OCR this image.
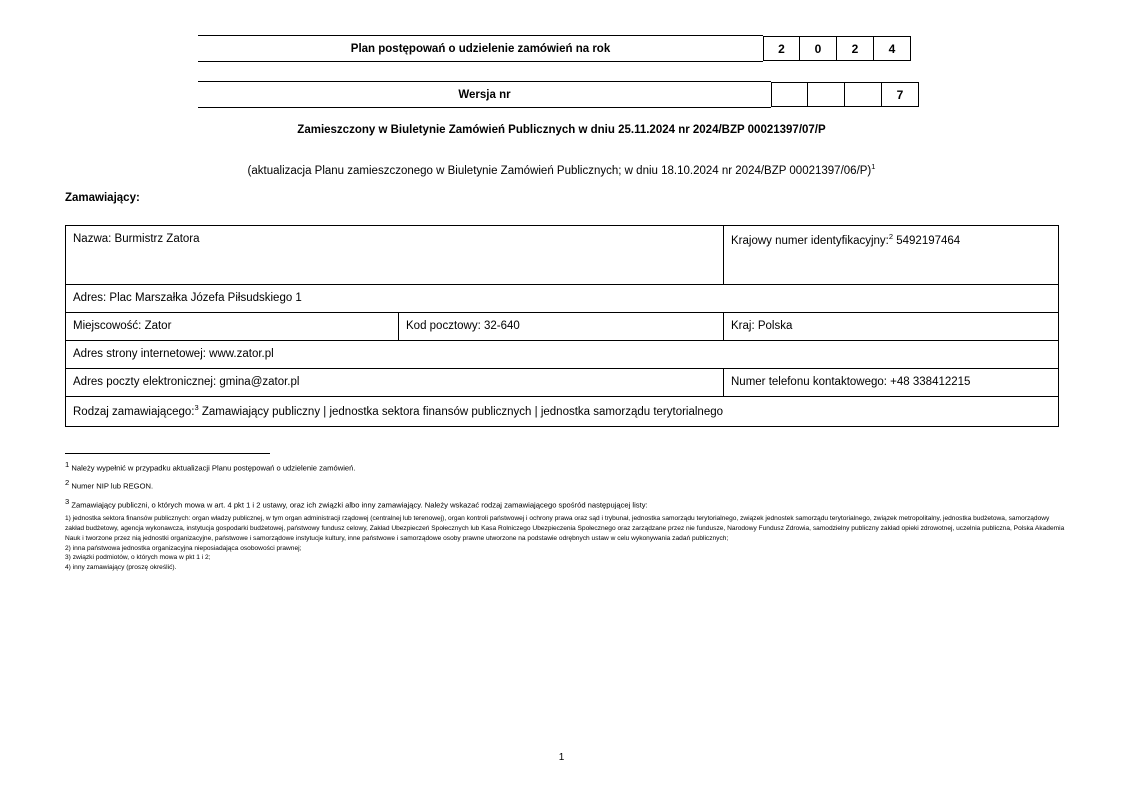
Plan postępowań o udzielenie zamówień na rok	2	0	2	4
Wersja nr	7
Zamieszczony w Biuletynie Zamówień Publicznych w dniu 25.11.2024 nr 2024/BZP 00021397/07/P
(aktualizacja Planu zamieszczonego w Biuletynie Zamówień Publicznych; w dniu 18.10.2024 nr 2024/BZP 00021397/06/P)$^1$
Zamawiający:
Nazwa: Burmistrz Zatora		Krajowy numer identyfikacyjny:$^2$ 5492197464
Adres: Plac Marszałka Józefa Piłsudskiego 1		
Miejscowość: Zator	Kod pocztowy: 32-640	Kraj: Polska
Adres strony internetowej: www.zator.pl		
Adres poczty elektronicznej: gmina@zator.pl		Numer telefonu kontaktowego: +48 338412215
Rodzaj zamawiającego:$^3$ Zamawiający publiczny | jednostka sektora finansów publicznych | jednostka samorządu terytorialnego		
1 Należy wypełnić w przypadku aktualizacji Planu postępowań o udzielenie zamówień.
2 Numer NIP lub REGON.
3 Zamawiający publiczni, o których mowa w art. 4 pkt 1 i 2 ustawy, oraz ich związki albo inny zamawiający. Należy wskazać rodzaj zamawiającego spośród następującej listy:
1) jednostka sektora finansów publicznych: organ władzy publicznej, w tym organ administracji rządowej (centralnej lub terenowej), organ kontroli państwowej i ochrony prawa oraz sąd i trybunał, jednostka samorządu terytorialnego, związek jednostek samorządu terytorialnego, związek metropolitalny, jednostka budżetowa, samorządowy zakład budżetowy, agencja wykonawcza, instytucja gospodarki budżetowej, państwowy fundusz celowy, Zakład Ubezpieczeń Społecznych lub Kasa Rolniczego Ubezpieczenia Społecznego oraz zarządzane przez nie fundusze, Narodowy Fundusz Zdrowia, samodzielny publiczny zakład opieki zdrowotnej, uczelnia publiczna, Polska Akademia Nauk i tworzone przez nią jednostki organizacyjne, państwowe i samorządowe instytucje kultury, inne państwowe i samorządowe osoby prawne utworzone na podstawie odrębnych ustaw w celu wykonywania zadań publicznych;
2) inna państwowa jednostka organizacyjna nieposiadająca osobowości prawnej;
3) związki podmiotów, o których mowa w pkt 1 i 2;
4) inny zamawiający (proszę określić).
1
